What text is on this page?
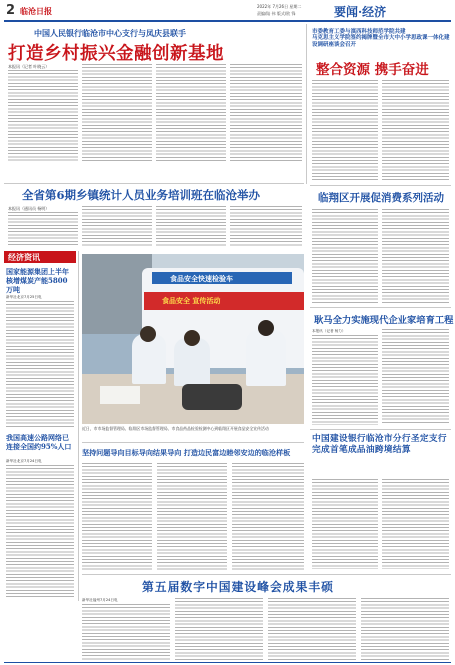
2 临沧日报	2022年 7月26日 星期二
责编/陆 伟 版式/欧 锋	要闻·经济
中国人民银行临沧市中心支行与凤庆县联手
打造乡村振兴金融创新基地
本报讯（记者 叶晓云）
市委教育工委与滇西科技师范学院共建
马克思主义学院签约揭牌暨全市大中小学思政课一体化建设调研座谈会召开
整合资源 携手奋进
全省第6期乡镇统计人员业务培训班在临沧举办
本报讯（通讯员 杨明）
临翔区开展促消费系列活动
经济资讯
国家能源集团上半年核增煤炭产能5800万吨
新华社北京7月25日电
我国高速公路网络已连接全国约95%人口
新华社北京7月24日电
食品安全快速检验车
食品安全 宣传活动
近日，市市场监督管理局、临翔区市场监督管理局、市食品药品检验检测中心到临翔区开展食品安全宣传活动
耿马全力实施现代企业家培育工程
本报讯（记者 杨力）
坚持问题导向目标导向结果导向 打造边民富边睦邻安边的临沧样板
中国建设银行临沧市分行圣定支行完成首笔成品油跨境结算
第五届数字中国建设峰会成果丰硕
新华社福州7月24日电
